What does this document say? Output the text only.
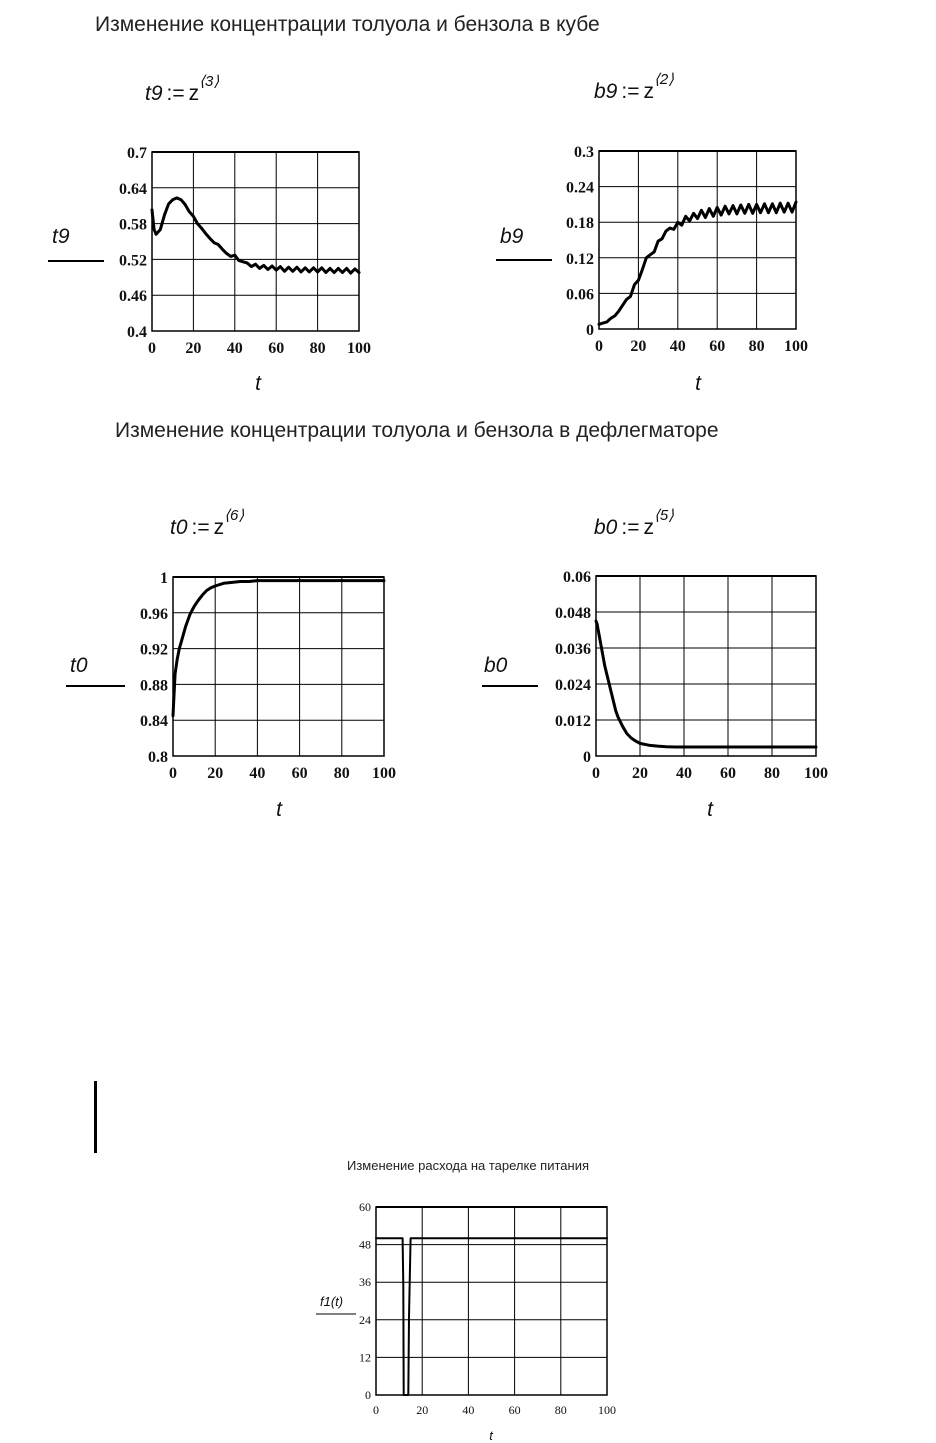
Изменение концентрации толуола и бензола в кубе
Изменение концентрации толуола и бензола в дефлегматоре
t9 := $z^{⟨3⟩}$	b9 := $z^{⟨2⟩}$
t0 := $z^{⟨6⟩}$
b0 := $z^{⟨5⟩}$
Изменение расхода на тарелке питания
0 20 40 60 80 100
0.7
0.64
0.58
0.52
0.46
0.4
t9
t
0 20 40 60 80 100
0.3
0.24
0.18
0.12
0.06
0
b9
t
0 20 40 60 80 100
1
0.96
0.92
0.88
0.84
0.8
t0
t
0 20 40 60 80 100
0.06
0.048
0.036
0.024
0.012
0
b0
t
0	20	40	60	80	100
60
48
36
24
12
0
f1(t)
t
